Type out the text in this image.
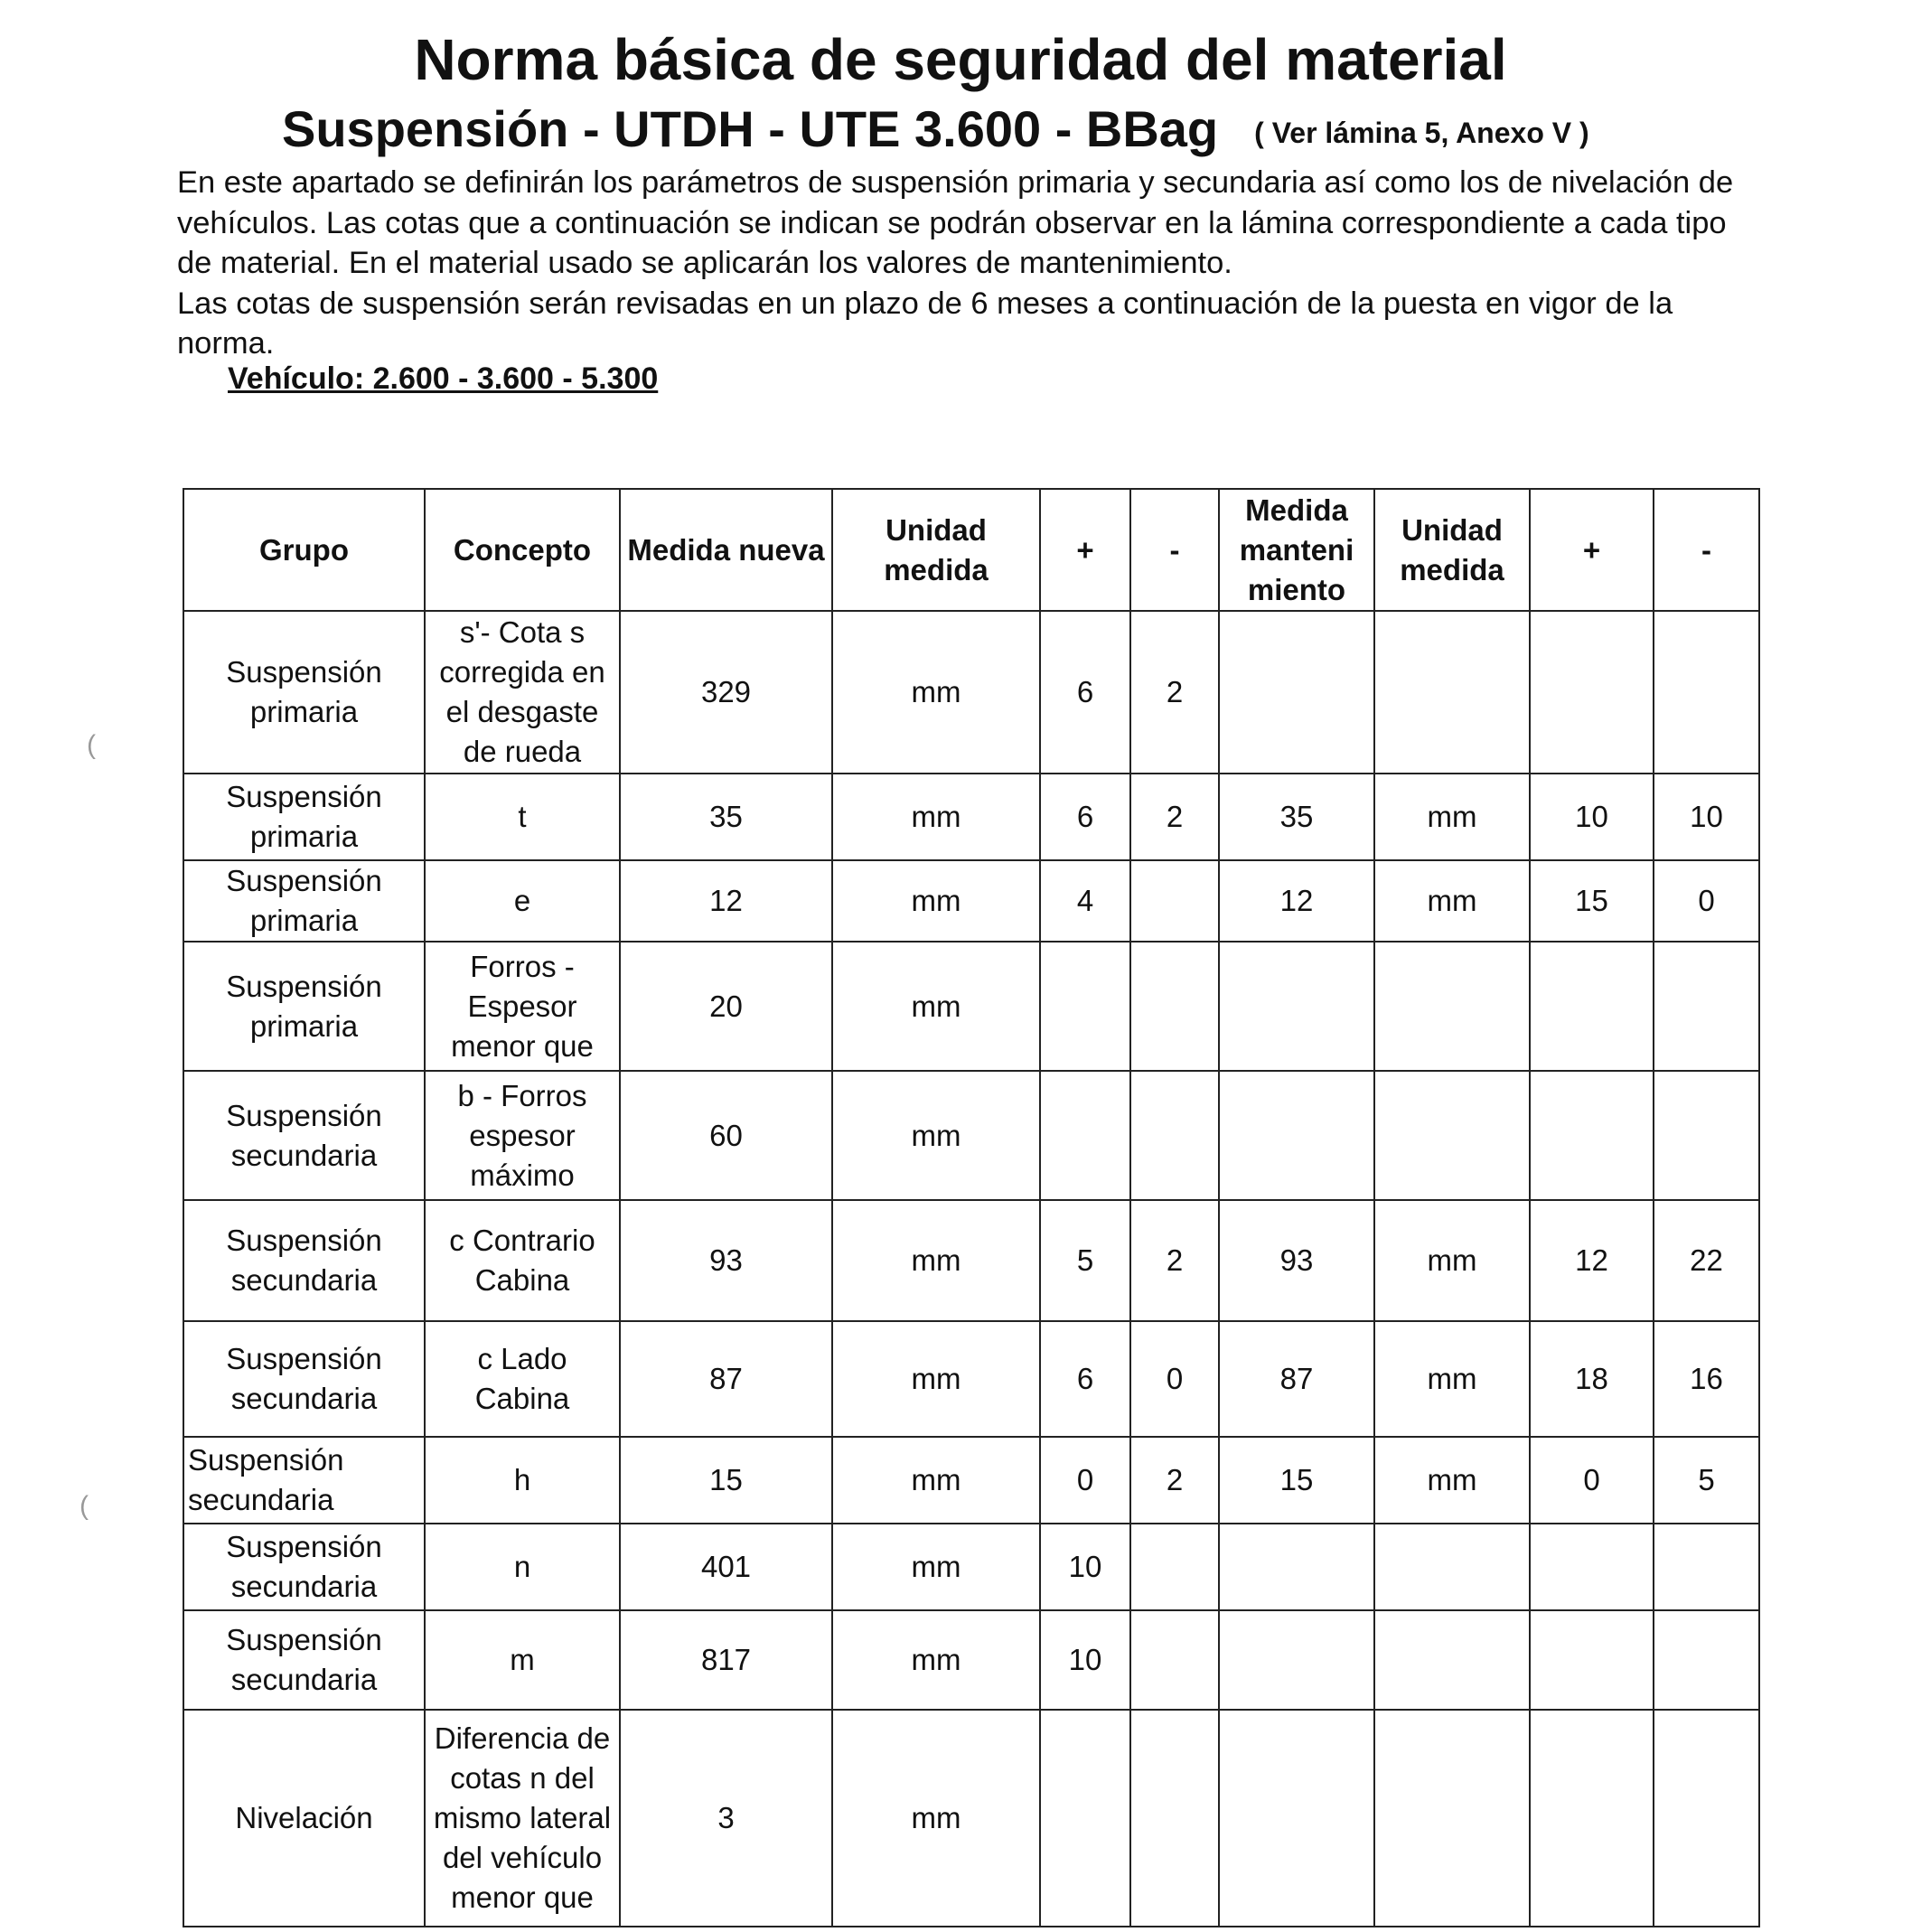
Norma básica de seguridad del material
Suspensión - UTDH - UTE 3.600 - BBag ( Ver lámina 5, Anexo V )

En este apartado se definirán los parámetros de suspensión primaria y secundaria así como los de nivelación de vehículos. Las cotas que a continuación se indican se podrán observar en la lámina correspondiente a cada tipo de material. En el material usado se aplicarán los valores de mantenimiento.

Las cotas de suspensión serán revisadas en un plazo de 6 meses a continuación de la puesta en vigor de la norma.

Vehículo: 2.600 - 3.600 - 5.300
(
(
Grupo	Concepto	Medida nueva	Unidad medida	+	-	Medida manteni miento	Unidad medida	+	-
Suspensión primaria	s'- Cota s corregida en el desgaste de rueda	329	mm	6	2				
Suspensión primaria	t	35	mm	6	2	35	mm	10	10
Suspensión primaria	e	12	mm	4		12	mm	15	0
Suspensión primaria	Forros - Espesor menor que	20	mm						
Suspensión secundaria	b - Forros espesor máximo	60	mm						
Suspensión secundaria	c Contrario Cabina	93	mm	5	2	93	mm	12	22
Suspensión secundaria	c Lado Cabina	87	mm	6	0	87	mm	18	16
Suspensión secundaria	h	15	mm	0	2	15	mm	0	5
Suspensión secundaria	n	401	mm	10					
Suspensión secundaria	m	817	mm	10					
Nivelación	Diferencia de cotas n del mismo lateral del vehículo menor que	3	mm						
